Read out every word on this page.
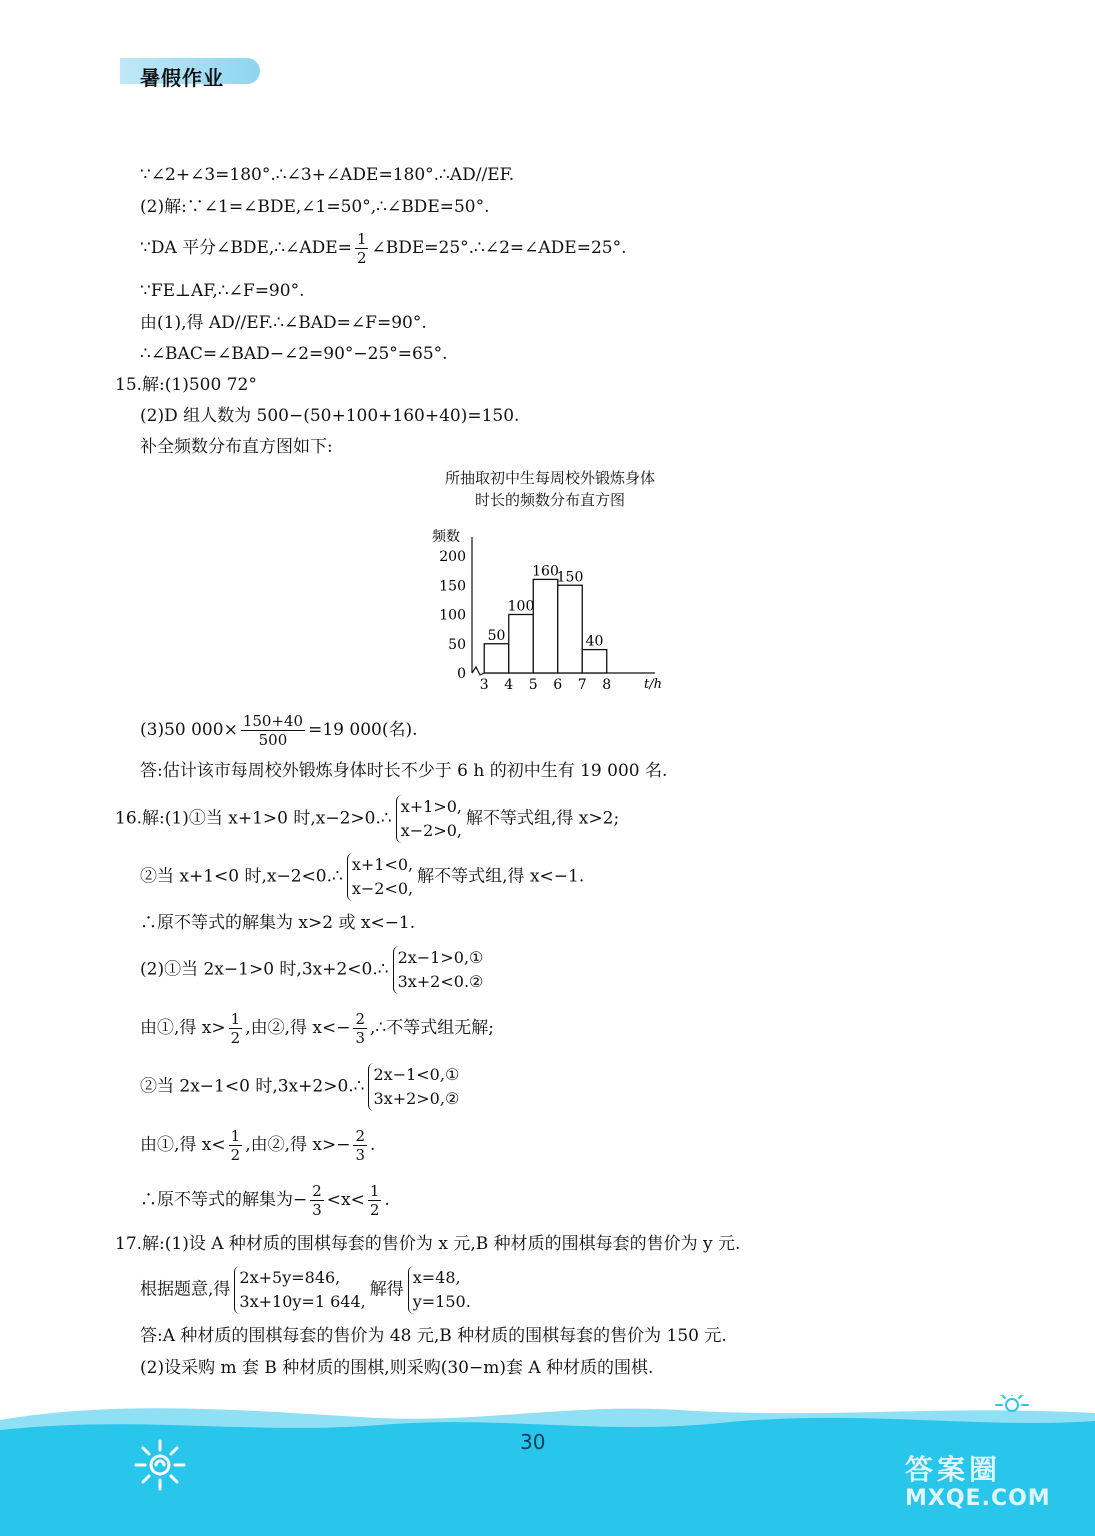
暑假作业
∵∠2+∠3=180°.∴∠3+∠ADE=180°.∴AD//EF.
(2)解:∵∠1=∠BDE,∠1=50°,∴∠BDE=50°.
∵DA 平分∠BDE,∴∠ADE= $\frac{1}{2}$ ∠BDE=25°.∴∠2=∠ADE=25°.
∵FE⊥AF,∴∠F=90°.
由(1),得 AD//EF.∴∠BAD=∠F=90°.
∴∠BAC=∠BAD−∠2=90°−25°=65°.
15.解:(1)500 72°
(2)D 组人数为 500−(50+100+160+40)=150.
补全频数分布直方图如下:
所抽取初中生每周校外锻炼身体
时长的频数分布直方图
频数
t/h
0
50
100
150
200
3 4 5 6 7 8
50
100
160
150
40
(3)50 $000\times \frac{150+40}{500} =19$ 000(名).
答:估计该市每周校外锻炼身体时长不少于 6 h 的初中生有 19 000 名.
16.解:(1)①当 x+1>0 时,x−2>0.∴
x+1>0,
x−2>0,
解不等式组,得 x>2;
②当 x+1<0 时,x−2<0.∴
x+1<0,
x−2<0,
解不等式组,得 x<−1.
∴原不等式的解集为 x>2 或 x<−1.
(2)①当 2x−1>0 时,3x+2<0.∴
2x−1>0,①
3x+2<0.②
由①,得 $x> \frac{1}{2}$ ,由②,得 $x<- \frac{2}{3}$ ,∴不等式组无解;
②当 2x−1<0 时,3x+2>0.∴
2x−1<0,①
3x+2>0,②
由①,得 $x< \frac{1}{2}$ ,由②,得 $x>- \frac{2}{3}$ .
∴原不等式的解集为− $\frac{2}{3} <x< \frac{1}{2}$ .
17.解:(1)设 A 种材质的围棋每套的售价为 x 元,B 种材质的围棋每套的售价为 y 元.
根据题意,得
2x+5y=846,
3x+10y=1 644,
解得
x=48,
y=150.
答:A 种材质的围棋每套的售价为 48 元,B 种材质的围棋每套的售价为 150 元.
(2)设采购 m 套 B 种材质的围棋,则采购(30−m)套 A 种材质的围棋.
30
答案圈
MXQE.COM
